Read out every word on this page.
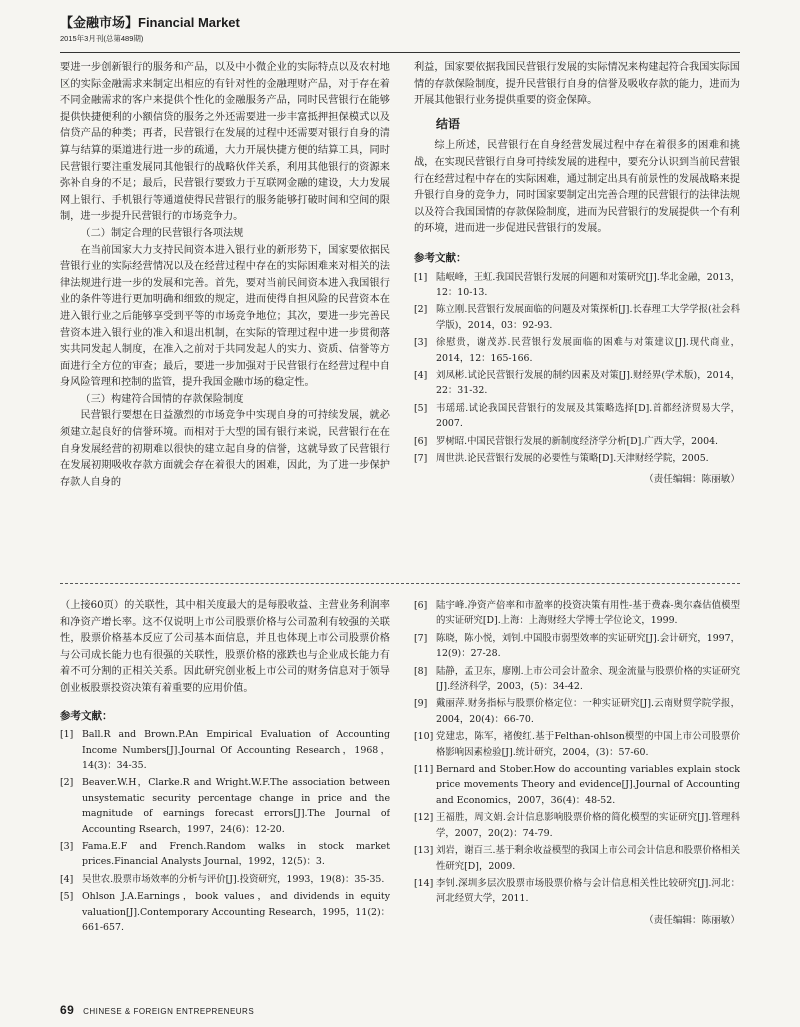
【金融市场】Financial Market
2015年3月刊(总第489期)

要进一步创新银行的服务和产品，以及中小微企业的实际特点以及农村地区的实际金融需求来制定出相应的有针对性的金融理财产品，对于存在着不同金融需求的客户来提供个性化的金融服务产品，同时民营银行在能够提供快捷便利的小额信贷的服务之外还需要进一步丰富抵押担保模式以及信贷产品的种类；再者，民营银行在发展的过程中还需要对银行自身的清算与结算的渠道进行进一步的疏通，大力开展快捷方便的结算工具，同时民营银行要注重发展同其他银行的战略伙伴关系，利用其他银行的资源来弥补自身的不足；最后，民营银行要致力于互联网金融的建设，大力发展网上银行、手机银行等通道使得民营银行的服务能够打破时间和空间的限制，进一步提升民营银行的市场竞争力。

（二）制定合理的民营银行各项法规

在当前国家大力支持民间资本进入银行业的新形势下，国家要依据民营银行业的实际经营情况以及在经营过程中存在的实际困难来对相关的法律法规进行进一步的发展和完善。首先，要对当前民间资本进入我国银行业的条件等进行更加明确和细致的规定，进而使得自担风险的民营资本在进入银行业之后能够享受到平等的市场竞争地位；其次，要进一步完善民营资本进入银行业的准入和退出机制，在实际的管理过程中进一步贯彻落实共同发起人制度，在准入之前对于共同发起人的实力、资质、信誉等方面进行全方位的审查；最后，要进一步加强对于民营银行在经营过程中自身风险管理和控制的监管，提升我国金融市场的稳定性。

（三）构建符合国情的存款保险制度

民营银行要想在日益激烈的市场竞争中实现自身的可持续发展，就必须建立起良好的信誉环境。而相对于大型的国有银行来说，民营银行在在自身发展经营的初期难以很快的建立起自身的信誉，这就导致了民营银行在发展初期吸收存款方面就会存在着很大的困难，因此，为了进一步保护存款人自身的

利益，国家要依据我国民营银行发展的实际情况来构建起符合我国实际国情的存款保险制度，提升民营银行自身的信誉及吸收存款的能力，进而为开展其他银行业务提供重要的资金保障。

结语

综上所述，民营银行在自身经营发展过程中存在着很多的困难和挑战，在实现民营银行自身可持续发展的进程中，要充分认识到当前民营银行在经营过程中存在的实际困难，通过制定出具有前景性的发展战略来提升银行自身的竞争力，同时国家要制定出完善合理的民营银行的法律法规以及符合我国国情的存款保险制度，进而为民营银行的发展提供一个有利的环境，进而进一步促进民营银行的发展。

参考文献：
[1] 陆岷峰，王虹.我国民营银行发展的问题和对策研究[J].华北金融，2013，12：10-13.
[2] 陈立刚.民营银行发展面临的问题及对策探析[J].长春理工大学学报(社会科学版)，2014，03：92-93.
[3] 徐慰贵，谢茂苏.民营银行发展面临的困难与对策建议[J].现代商业，2014，12：165-166.
[4] 刘凤彬.试论民营银行发展的制约因素及对策[J].财经界(学术版)，2014，22：31-32.
[5] 韦瑶瑶.试论我国民营银行的发展及其策略选择[D].首都经济贸易大学，2007.
[6] 罗树昭.中国民营银行发展的新制度经济学分析[D].广西大学，2004.
[7] 周世洪.论民营银行发展的必要性与策略[D].天津财经学院，2005.
（责任编辑：陈丽敏）

（上接60页）的关联性，其中相关度最大的是每股收益、主营业务利润率和净资产增长率。这不仅说明上市公司股票价格与公司盈利有较强的关联性，股票价格基本反应了公司基本面信息，并且也体现上市公司股票价格与公司成长能力也有很强的关联性，股票价格的涨跌也与企业成长能力有着不可分割的正相关关系。因此研究创业板上市公司的财务信息对于领导创业板股票投资决策有着重要的应用价值。

参考文献：
[1] Ball.R and Brown.P.An Empirical Evaluation of Accounting Income Numbers[J].Journal Of Accounting Research，1968，14(3)：34-35.
[2] Beaver.W.H，Clarke.R and Wright.W.F.The association between unsystematic security percentage change in price and the magnitude of earnings forecast errors[J].The Journal of Accounting Rsearch，1997，24(6)：12-20.
[3] Fama.E.F and French.Random walks in stock market prices.Financial Analysts Journal，1992，12(5)：3.
[4] 吴世农.股票市场效率的分析与评价[J].投资研究，1993，19(8)：35-35.
[5] Ohlson J.A.Earnings，book values，and dividends in equity valuation[J].Contemporary Accounting Research，1995，11(2)：661-657.
[6] 陆宇峰.净资产倍率和市盈率的投资决策有用性-基于费森-奥尔森估值模型的实证研究[D].上海：上海财经大学博士学位论文，1999.
[7] 陈晓，陈小悦，刘钊.中国股市弱型效率的实证研究[J].会计研究，1997，12(9)：27-28.
[8] 陆静，孟卫东，廖刚.上市公司会计盈余、现金流量与股票价格的实证研究[J].经济科学，2003，(5)：34-42.
[9] 戴丽萍.财务指标与股票价格定位：一种实证研究[J].云南财贸学院学报，2004，20(4)：66-70.
[10] 党建忠，陈军，褚俊红.基于Felthan-ohlson模型的中国上市公司股票价格影响因素检验[J].统计研究，2004，(3)：57-60.
[11] Bernard and Stober.How do accounting variables explain stock price movements Theory and evidence[J].Journal of Accounting and Economics，2007，36(4)：48-52.
[12] 王福胜，周文娟.会计信息影响股票价格的简化模型的实证研究[J].管理科学，2007，20(2)：74-79.
[13] 刘岩，谢百三.基于剩余收益模型的我国上市公司会计信息和股票价格相关性研究[D]，2009.
[14] 李钊.深圳多层次股票市场股票价格与会计信息相关性比较研究[J].河北：河北经贸大学，2011.
（责任编辑：陈丽敏）
69 CHINESE & FOREIGN ENTREPRENEURS
